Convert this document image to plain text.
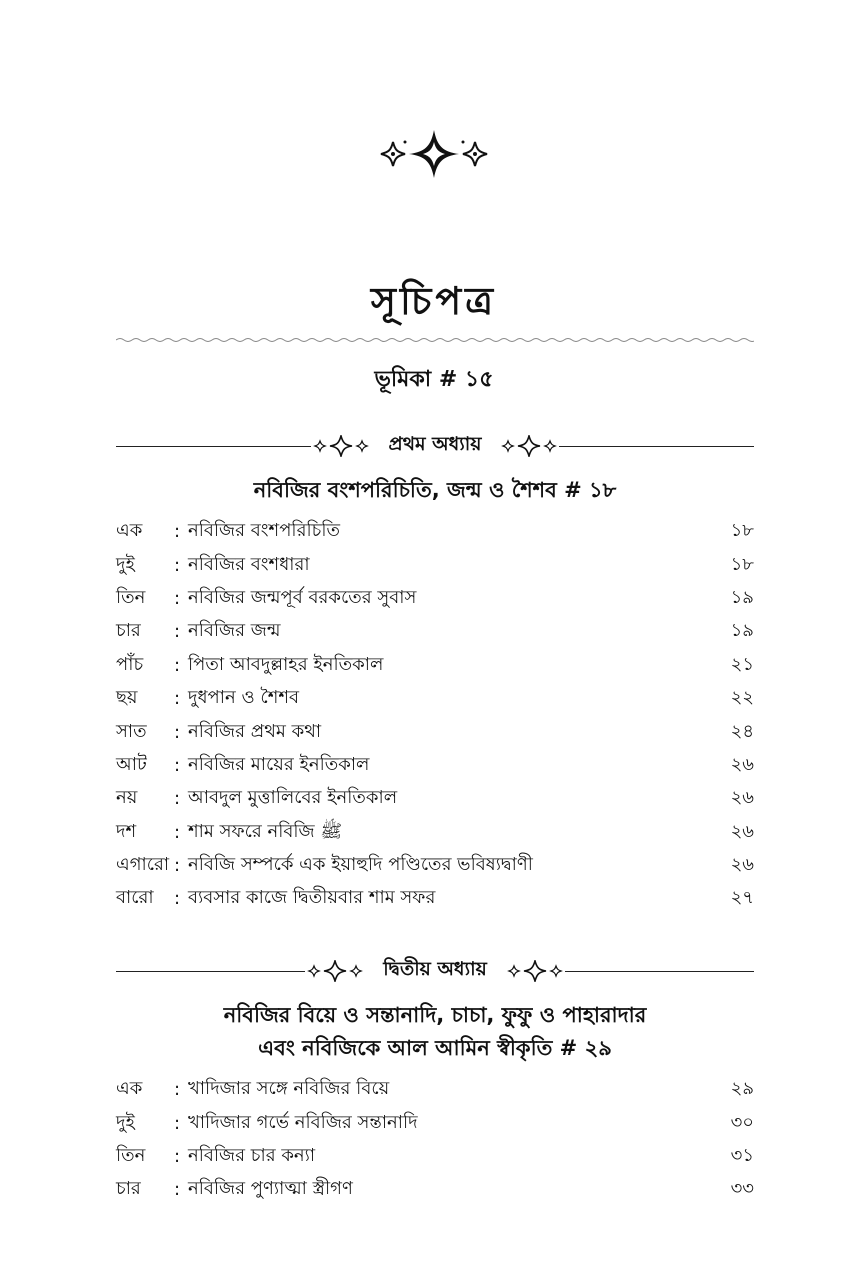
সূচিপত্র
ভূমিকা # ১৫
প্রথম অধ্যায়
নবিজির বংশপরিচিতি, জন্ম ও শৈশব # ১৮
এক	: নবিজির বংশপরিচিতি	১৮
দুই	: নবিজির বংশধারা	১৮
তিন	: নবিজির জন্মপূর্ব বরকতের সুবাস	১৯
চার	: নবিজির জন্ম	১৯
পাঁচ	: পিতা আবদুল্লাহর ইনতিকাল	২১
ছয়	: দুধপান ও শৈশব	২২
সাত	: নবিজির প্রথম কথা	২৪
আট	: নবিজির মায়ের ইনতিকাল	২৬
নয়	: আবদুল মুত্তালিবের ইনতিকাল	২৬
দশ	: শাম সফরে নবিজি ﷺ	২৬
এগারো : নবিজি সম্পর্কে এক ইয়াহুদি পণ্ডিতের ভবিষ্যদ্বাণী	২৬
বারো	: ব্যবসার কাজে দ্বিতীয়বার শাম সফর	২৭
দ্বিতীয় অধ্যায়
নবিজির বিয়ে ও সন্তানাদি, চাচা, ফুফু ও পাহারাদার
এবং নবিজিকে আল আমিন স্বীকৃতি # ২৯
এক	: খাদিজার সঙ্গে নবিজির বিয়ে	২৯
দুই	: খাদিজার গর্ভে নবিজির সন্তানাদি	৩০
তিন	: নবিজির চার কন্যা	৩১
চার	: নবিজির পুণ্যাত্মা স্ত্রীগণ	৩৩
